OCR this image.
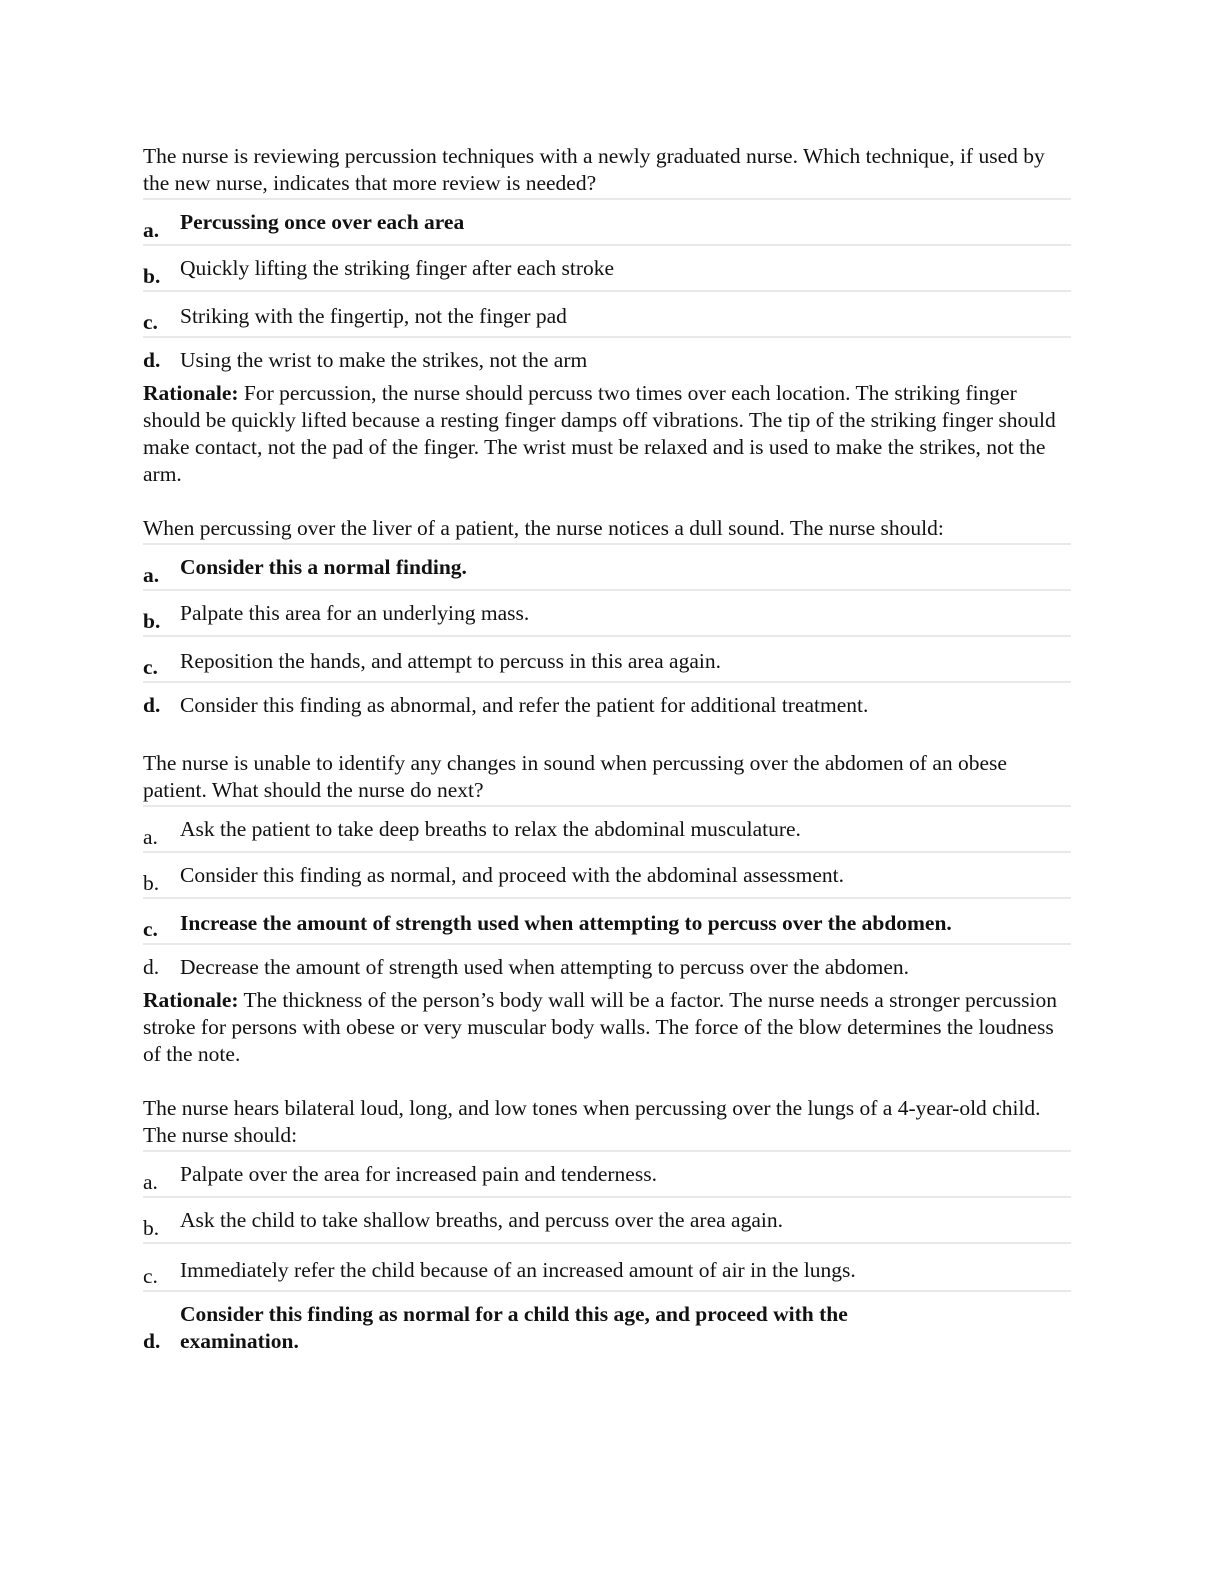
The nurse is reviewing percussion techniques with a newly graduated nurse. Which technique, if used by the new nurse, indicates that more review is needed?
a. Percussing once over each area
b. Quickly lifting the striking finger after each stroke
c.	Striking with the fingertip, not the finger pad
d. Using the wrist to make the strikes, not the arm
Rationale: For percussion, the nurse should percuss two times over each location. The striking finger should be quickly lifted because a resting finger damps off vibrations. The tip of the striking finger should make contact, not the pad of the finger. The wrist must be relaxed and is used to make the strikes, not the arm.
When percussing over the liver of a patient, the nurse notices a dull sound. The nurse should:
a. Consider this a normal finding.
b. Palpate this area for an underlying mass.
c.	Reposition the hands, and attempt to percuss in this area again.
d. Consider this finding as abnormal, and refer the patient for additional treatment.
The nurse is unable to identify any changes in sound when percussing over the abdomen of an obese patient. What should the nurse do next?
a.	Ask the patient to take deep breaths to relax the abdominal musculature.
b. Consider this finding as normal, and proceed with the abdominal assessment.
c.	Increase the amount of strength used when attempting to percuss over the abdomen.
d. Decrease the amount of strength used when attempting to percuss over the abdomen.
Rationale: The thickness of the person’s body wall will be a factor. The nurse needs a stronger percussion stroke for persons with obese or very muscular body walls. The force of the blow determines the loudness of the note.
The nurse hears bilateral loud, long, and low tones when percussing over the lungs of a 4-year-old child. The nurse should:
a.	Palpate over the area for increased pain and tenderness.
b. Ask the child to take shallow breaths, and percuss over the area again.
c.	Immediately refer the child because of an increased amount of air in the lungs.
d.
Consider this finding as normal for a child this age, and proceed with the examination.
